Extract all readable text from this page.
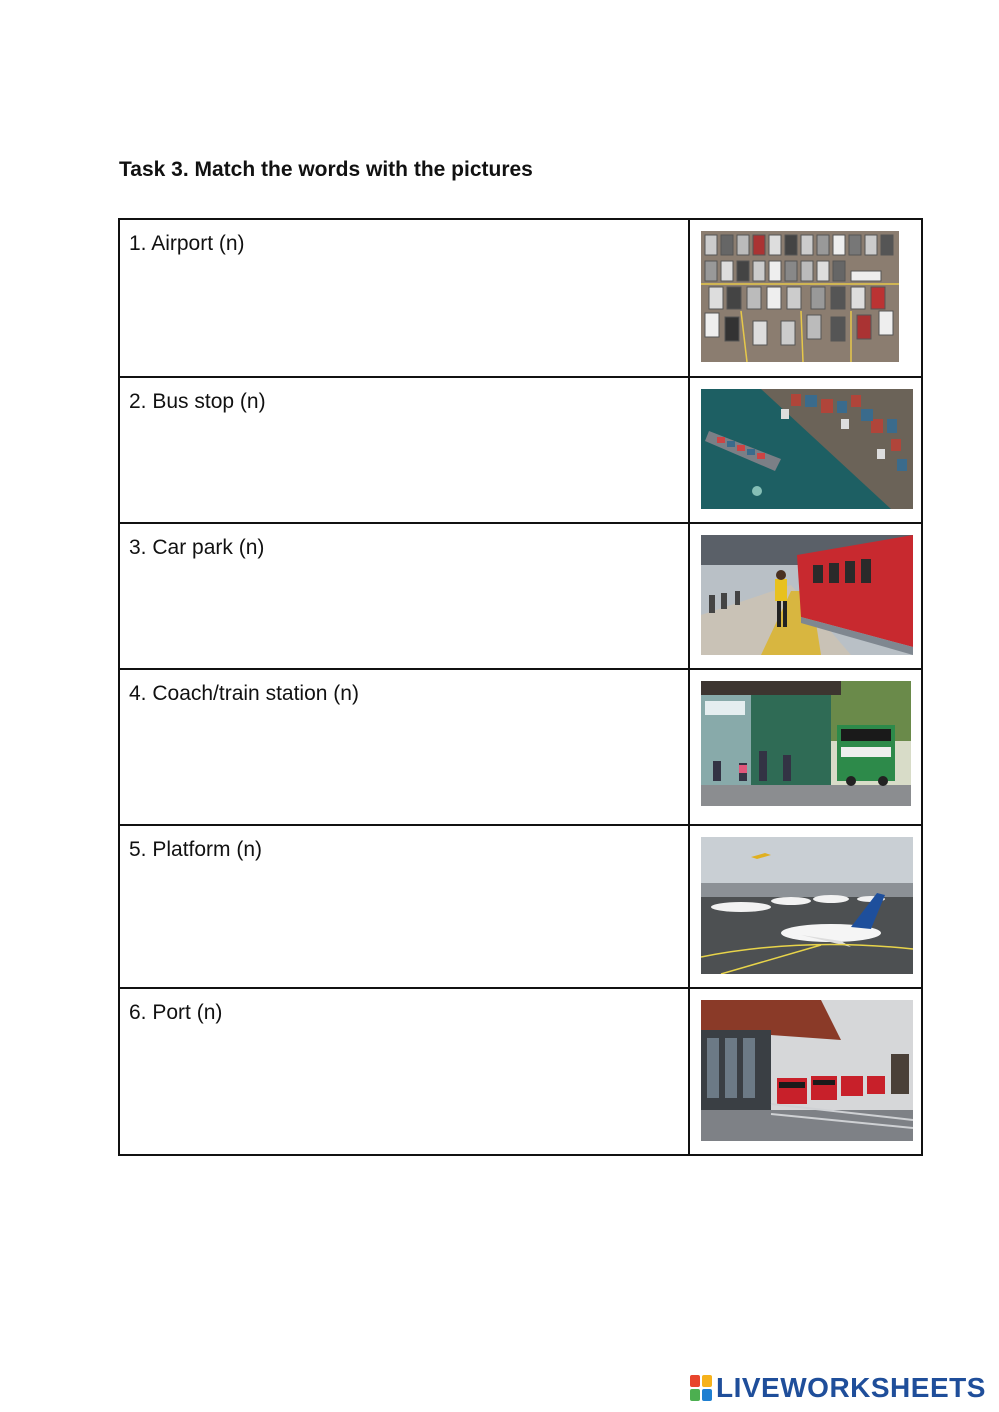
Task 3. Match the words with the pictures
1. Airport (n)

2. Bus stop (n)

3. Car park (n)

4. Coach/train station (n)

5. Platform (n)

6. Port (n)

LIVEWORKSHEETS
